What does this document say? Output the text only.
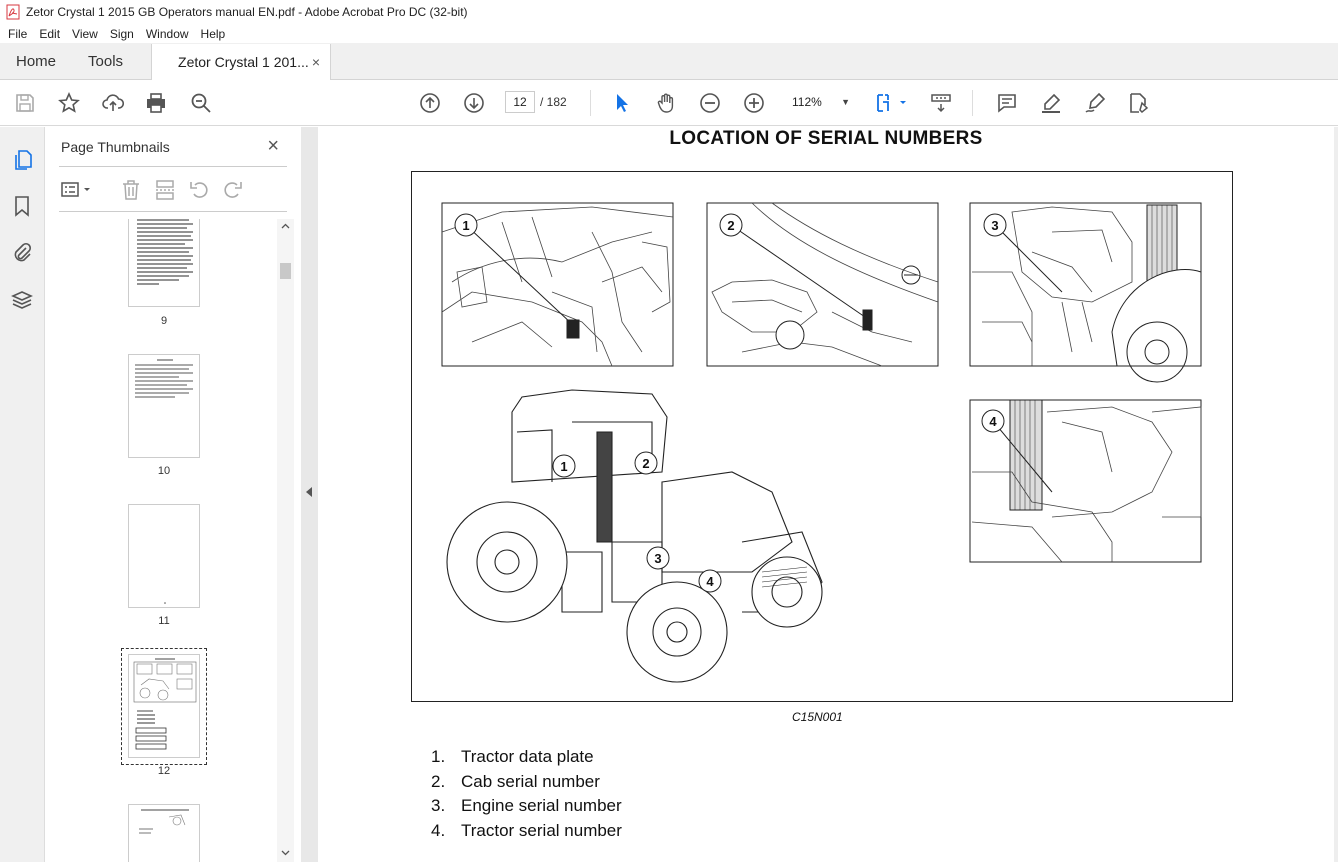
Zetor Crystal 1 2015 GB Operators manual EN.pdf - Adobe Acrobat Pro DC (32-bit)
File	Edit	View	Sign	Window	Help
Home	Tools	Zetor Crystal 1 201... ×
12	/ 182	112% ▼
Page Thumbnails	×
9
10
11
12
LOCATION OF SERIAL NUMBERS
1	2	3
4
1	2
3
4
C15N001
1. Tractor data plate
2. Cab serial number
3. Engine serial number
4. Tractor serial number
